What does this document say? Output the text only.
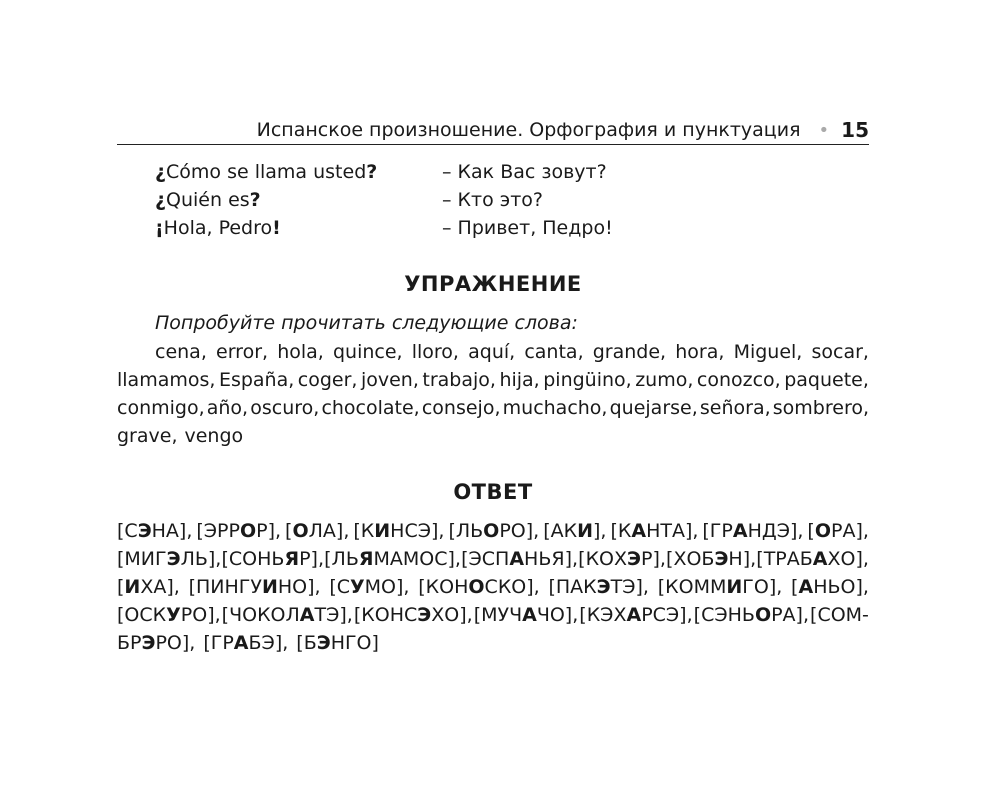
Испанское произношение. Орфография и пунктуация • 15
¿Cómo se llama usted?	– Как Вас зовут?
¿Quién es?	– Кто это?
¡Hola, Pedro!	– Привет, Педро!
УПРАЖНЕНИЕ
Попробуйте прочитать следующие слова:
cena, error, hola, quince, lloro, aquí, canta, grande, hora, Miguel, socar,
llamamos, España, coger, joven, trabajo, hija, pingüino, zumo, conozco, paquete,
conmigo, año, oscuro, chocolate, consejo, muchacho, quejarse, señora, sombrero,
grave, vengo
ОТВЕТ
[СЭНА], [ЭРРОР], [ОЛА], [КИНСЭ], [ЛЬОРО], [АКИ], [КАНТА], [ГРАНДЭ], [ОРА],
[МИГЭЛЬ], [СОНЬЯР], [ЛЬЯМАМОС], [ЭСПАНЬЯ], [КОХЭР], [ХОБЭН], [ТРАБАХО],
[ИХА], [ПИНГУИНО], [СУМО], [КОНОСКО], [ПАКЭТЭ], [КОММИГО], [АНЬО],
[ОСКУРО], [ЧОКОЛАТЭ], [КОНСЭХО], [МУЧАЧО], [КЭХАРСЭ], [СЭНЬОРА], [СОМ-
БРЭРО], [ГРАБЭ], [БЭНГО]
